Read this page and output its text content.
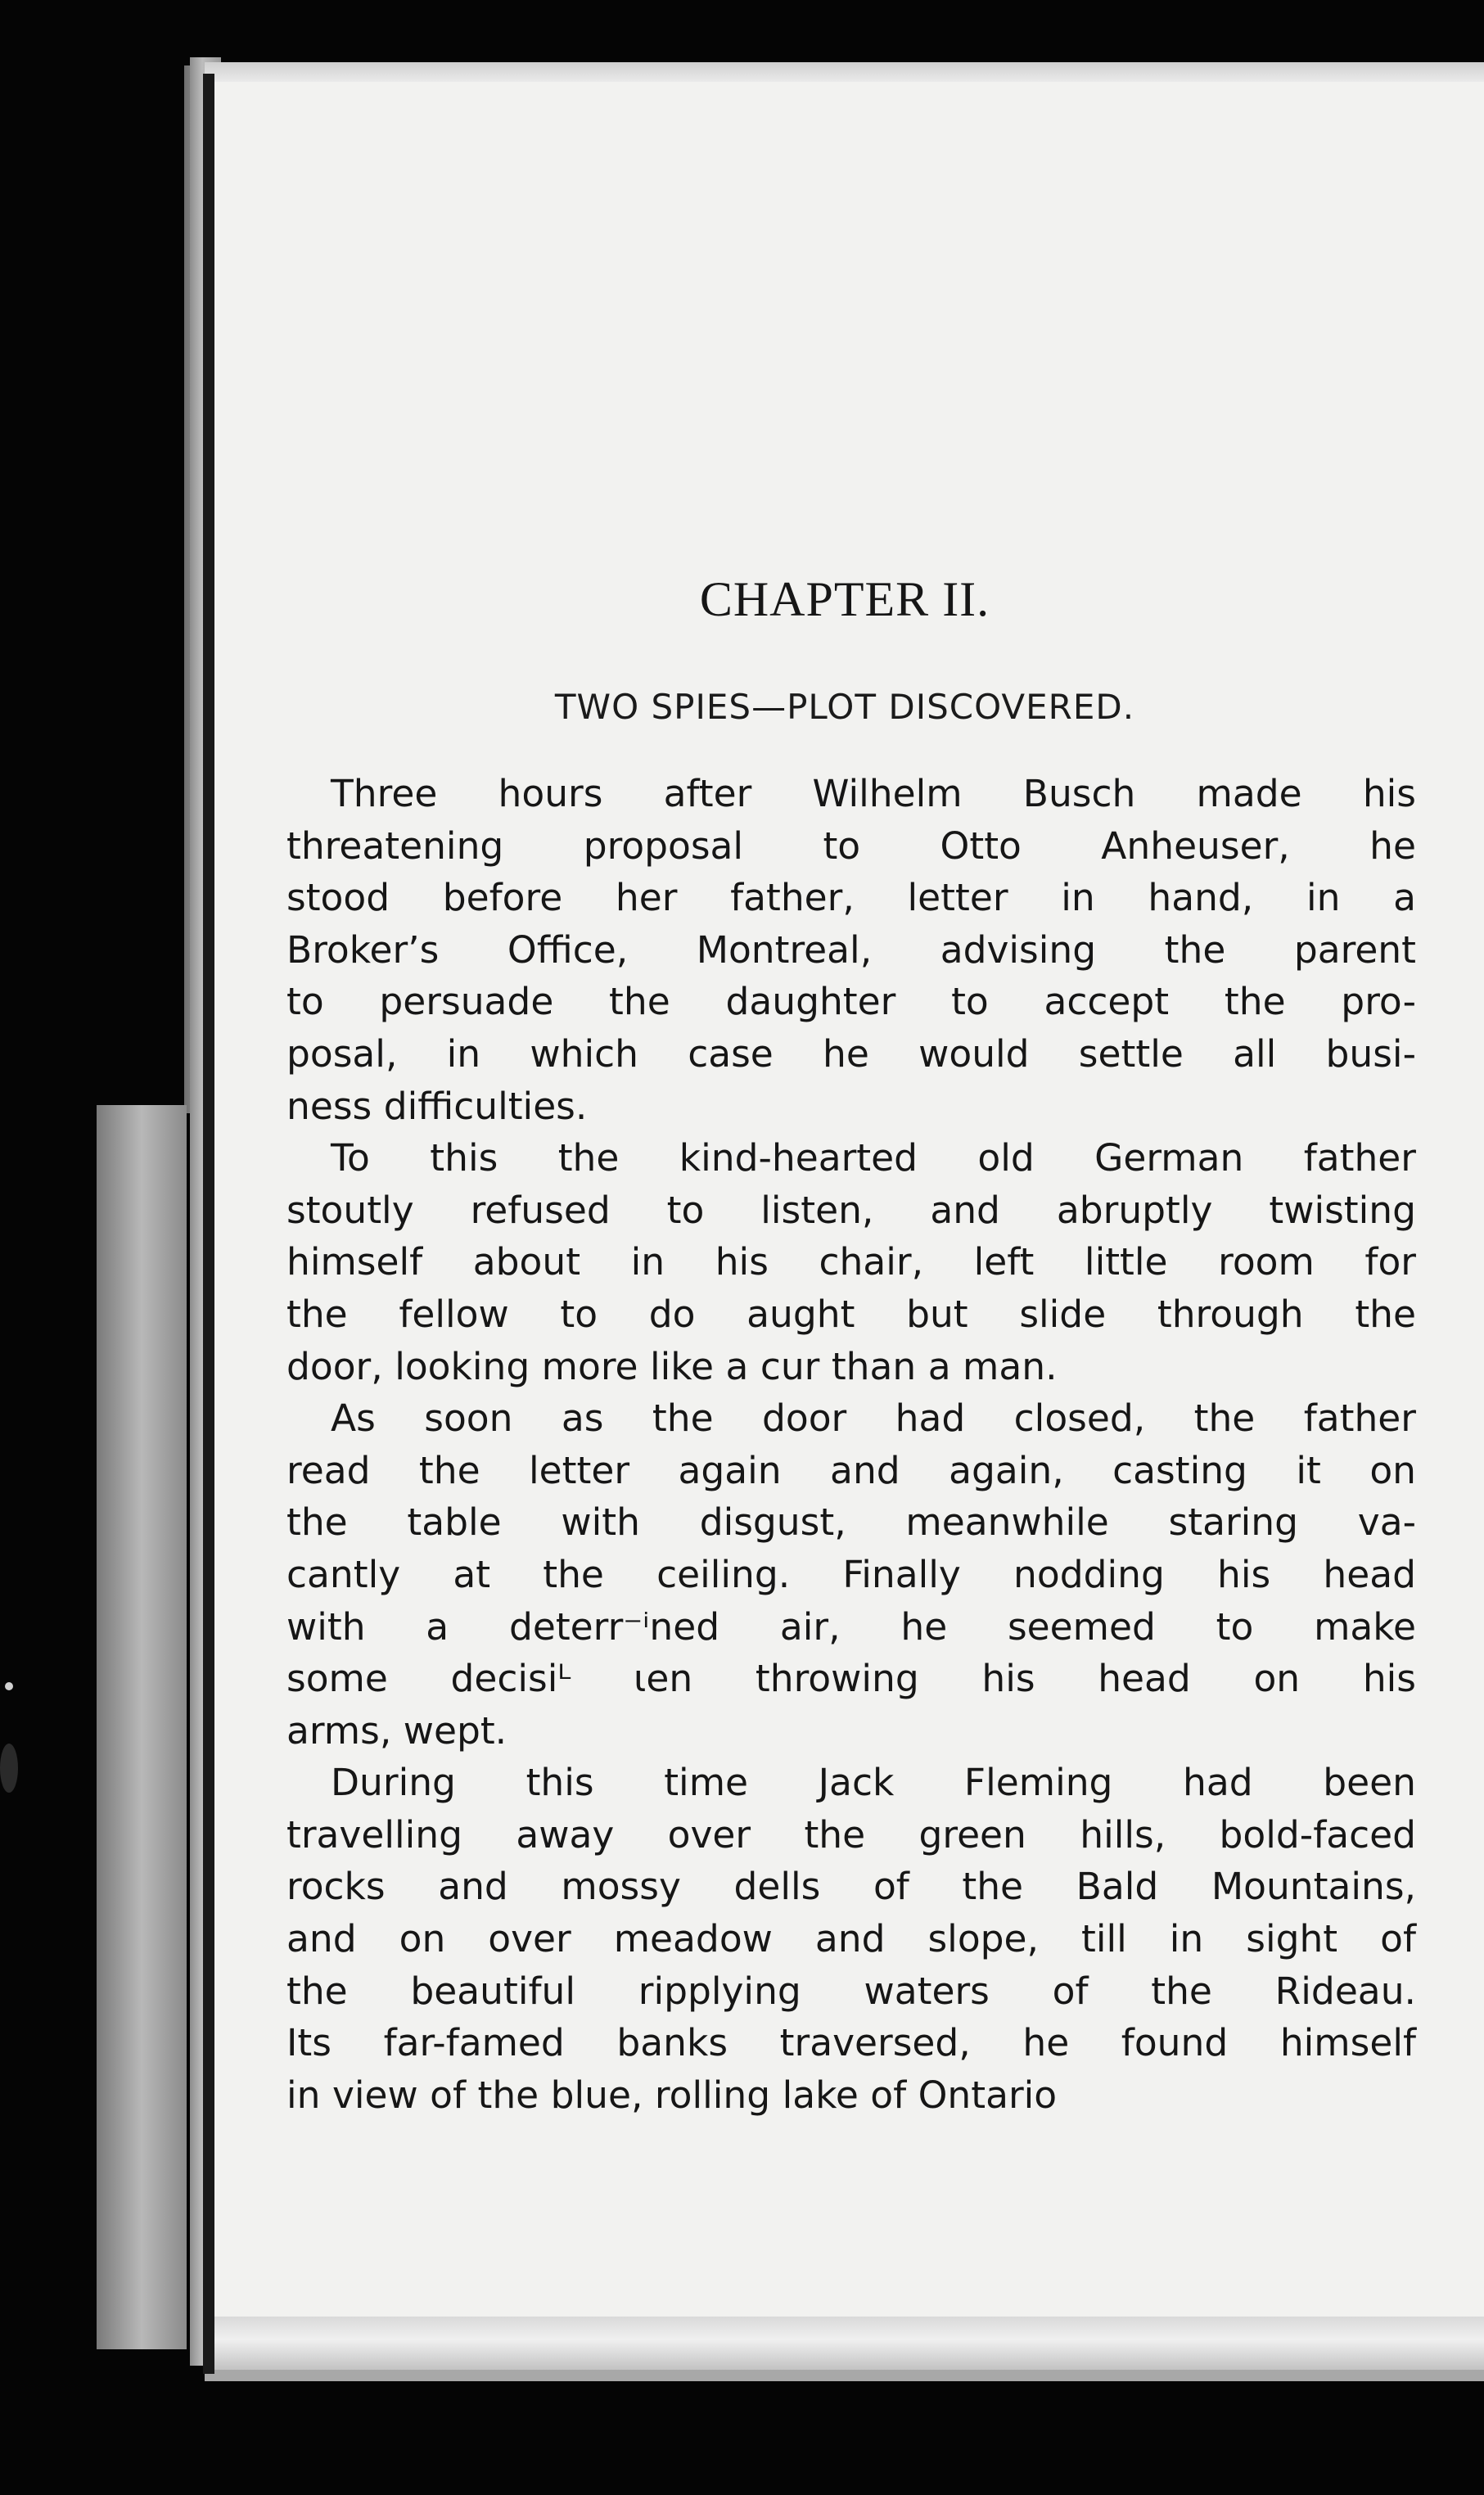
CHAPTER II.
TWO SPIES—PLOT DISCOVERED.
Three hours after Wilhelm Busch made his
threatening proposal to Otto Anheuser, he
stood before her father, letter in hand, in a
Broker’s Office, Montreal, advising the parent
to persuade the daughter to accept the pro-
posal, in which case he would settle all busi-
ness difficulties.
To this the kind-hearted old German father
stoutly refused to listen, and abruptly twisting
himself about in his chair, left little room for
the fellow to do aught but slide through the
door, looking more like a cur than a man.
As soon as the door had closed, the father
read the letter again and again, casting it on
the table with disgust, meanwhile staring va-
cantly at the ceiling. Finally nodding his head
with a deterr⁻ⁱned air, he seemed to make
some decisi⁠ᴸ ιen throwing his head on his
arms, wept.
During this time Jack Fleming had been
travelling away over the green hills, bold-faced
rocks and mossy dells of the Bald Mountains,
and on over meadow and slope, till in sight of
the beautiful ripplying waters of the Rideau.
Its far-famed banks traversed, he found himself
in view of the blue, rolling lake of Ontario
